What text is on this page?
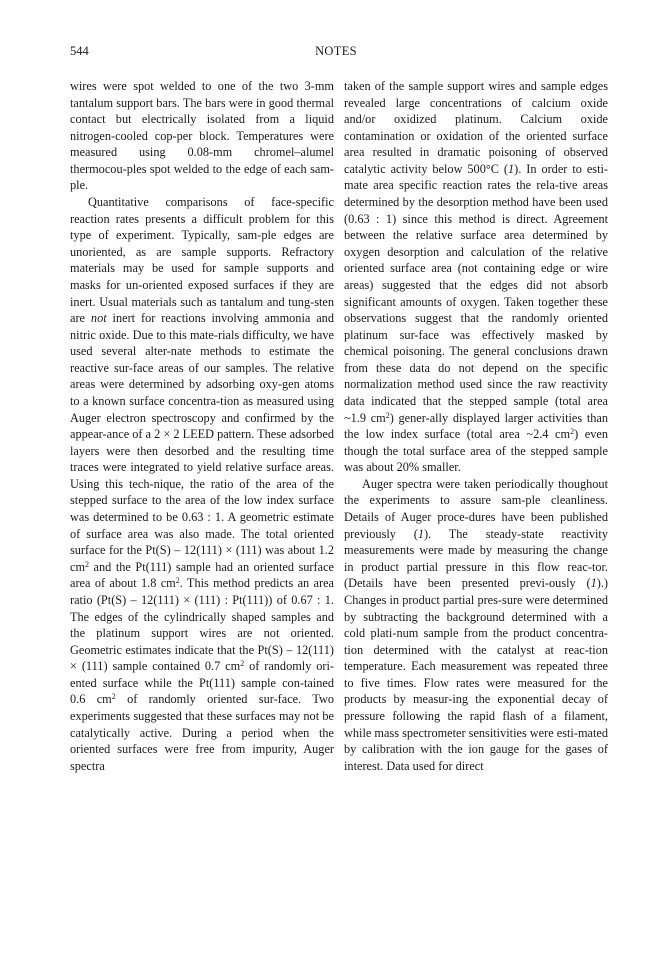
544	NOTES

wires were spot welded to one of the two 3-mm tantalum support bars. The bars were in good thermal contact but electrically isolated from a liquid nitrogen-cooled cop-per block. Temperatures were measured using 0.08-mm chromel–alumel thermocou-ples spot welded to the edge of each sam-ple.

Quantitative comparisons of face-specific reaction rates presents a difficult problem for this type of experiment. Typically, sam-ple edges are unoriented, as are sample supports. Refractory materials may be used for sample supports and masks for un-oriented exposed surfaces if they are inert. Usual materials such as tantalum and tung-sten are not inert for reactions involving ammonia and nitric oxide. Due to this mate-rials difficulty, we have used several alter-nate methods to estimate the reactive sur-face areas of our samples. The relative areas were determined by adsorbing oxy-gen atoms to a known surface concentra-tion as measured using Auger electron spectroscopy and confirmed by the appear-ance of a 2 × 2 LEED pattern. These adsorbed layers were then desorbed and the resulting time traces were integrated to yield relative surface areas. Using this tech-nique, the ratio of the area of the stepped surface to the area of the low index surface was determined to be 0.63 : 1. A geometric estimate of surface area was also made. The total oriented surface for the Pt(S) – 12(111) × (111) was about 1.2 $cm^2$ and the Pt(111) sample had an oriented surface area of about 1.8 $cm^2$. This method predicts an area ratio (Pt(S) – 12(111) × (111) : Pt(111)) of 0.67 : 1. The edges of the cylindrically shaped samples and the platinum support wires are not oriented. Geometric estimates indicate that the Pt(S) – 12(111) × (111) sample contained 0.7 $cm^2$ of randomly ori-ented surface while the Pt(111) sample con-tained 0.6 $cm^2$ of randomly oriented sur-face. Two experiments suggested that these surfaces may not be catalytically active. During a period when the oriented surfaces were free from impurity, Auger spectra

taken of the sample support wires and sample edges revealed large concentrations of calcium oxide and/or oxidized platinum. Calcium oxide contamination or oxidation of the oriented surface area resulted in dramatic poisoning of observed catalytic activity below 500°C (1). In order to esti-mate area specific reaction rates the rela-tive areas determined by the desorption method have been used (0.63 : 1) since this method is direct. Agreement between the relative surface area determined by oxygen desorption and calculation of the relative oriented surface area (not containing edge or wire areas) suggested that the edges did not absorb significant amounts of oxygen. Taken together these observations suggest that the randomly oriented platinum sur-face was effectively masked by chemical poisoning. The general conclusions drawn from these data do not depend on the specific normalization method used since the raw reactivity data indicated that the stepped sample (total area ~1.9 $cm^2$) gener-ally displayed larger activities than the low index surface (total area ~2.4 $cm^2$) even though the total surface area of the stepped sample was about 20% smaller.

Auger spectra were taken periodically thoughout the experiments to assure sam-ple cleanliness. Details of Auger proce-dures have been published previously (1). The steady-state reactivity measurements were made by measuring the change in product partial pressure in this flow reac-tor. (Details have been presented previ-ously (1).) Changes in product partial pres-sure were determined by subtracting the background determined with a cold plati-num sample from the product concentra-tion determined with the catalyst at reac-tion temperature. Each measurement was repeated three to five times. Flow rates were measured for the products by measur-ing the exponential decay of pressure following the rapid flash of a filament, while mass spectrometer sensitivities were esti-mated by calibration with the ion gauge for the gases of interest. Data used for direct
